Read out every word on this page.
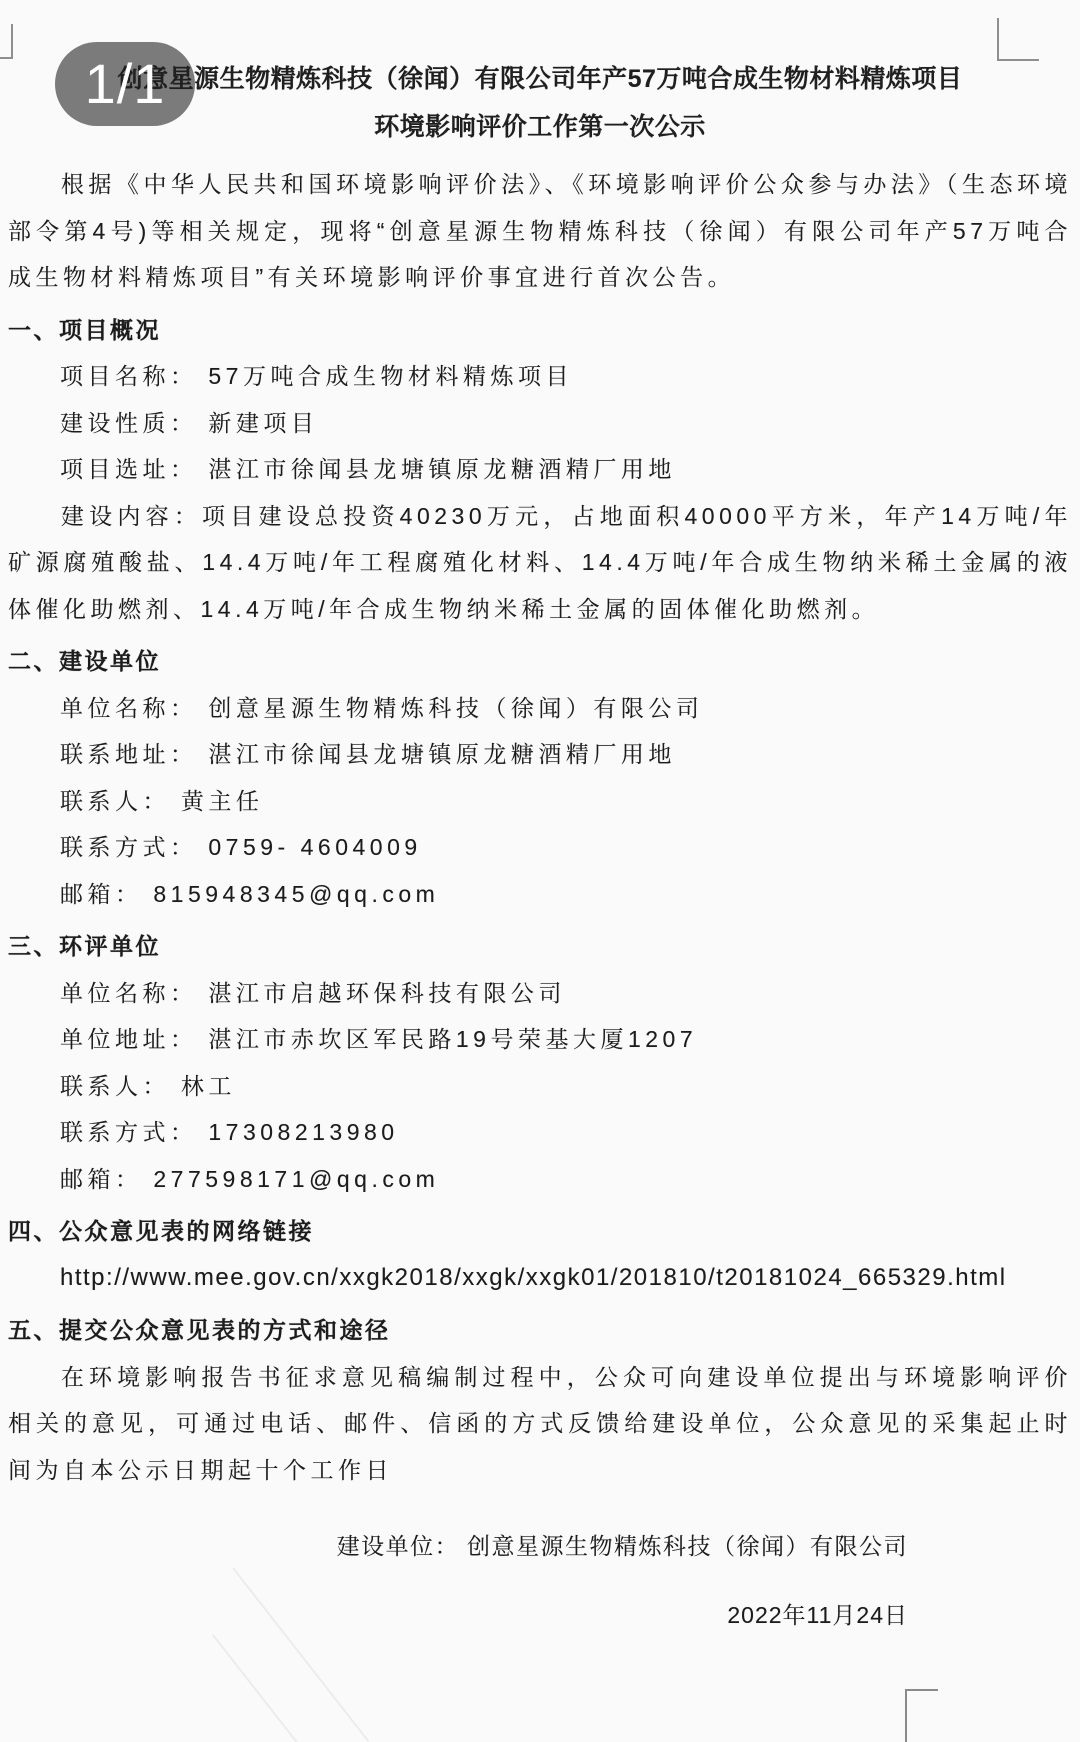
1/1
创意星源生物精炼科技（徐闻）有限公司年产57万吨合成生物材料精炼项目
环境影响评价工作第一次公示

根据《中华人民共和国环境影响评价法》、《环境影响评价公众参与办法》（生态环境部令第4号)等相关规定，现将“创意星源生物精炼科技（徐闻）有限公司年产57万吨合成生物材料精炼项目”有关环境影响评价事宜进行首次公告。

一、项目概况
项目名称： 57万吨合成生物材料精炼项目
建设性质： 新建项目
项目选址： 湛江市徐闻县龙塘镇原龙糖酒精厂用地

建设内容：项目建设总投资40230万元，占地面积40000平方米，年产14万吨/年矿源腐殖酸盐、14.4万吨/年工程腐殖化材料、14.4万吨/年合成生物纳米稀土金属的液体催化助燃剂、14.4万吨/年合成生物纳米稀土金属的固体催化助燃剂。

二、建设单位
单位名称： 创意星源生物精炼科技（徐闻）有限公司
联系地址： 湛江市徐闻县龙塘镇原龙糖酒精厂用地
联系人： 黄主任
联系方式： 0759- 4604009
邮箱： 815948345@qq.com
三、环评单位
单位名称： 湛江市启越环保科技有限公司
单位地址： 湛江市赤坎区军民路19号荣基大厦1207
联系人： 林工
联系方式： 17308213980
邮箱： 277598171@qq.com
四、公众意见表的网络链接
http://www.mee.gov.cn/xxgk2018/xxgk/xxgk01/201810/t20181024_665329.html
五、提交公众意见表的方式和途径

在环境影响报告书征求意见稿编制过程中，公众可向建设单位提出与环境影响评价相关的意见，可通过电话、邮件、信函的方式反馈给建设单位，公众意见的采集起止时间为自本公示日期起十个工作日

建设单位： 创意星源生物精炼科技（徐闻）有限公司
2022年11月24日
